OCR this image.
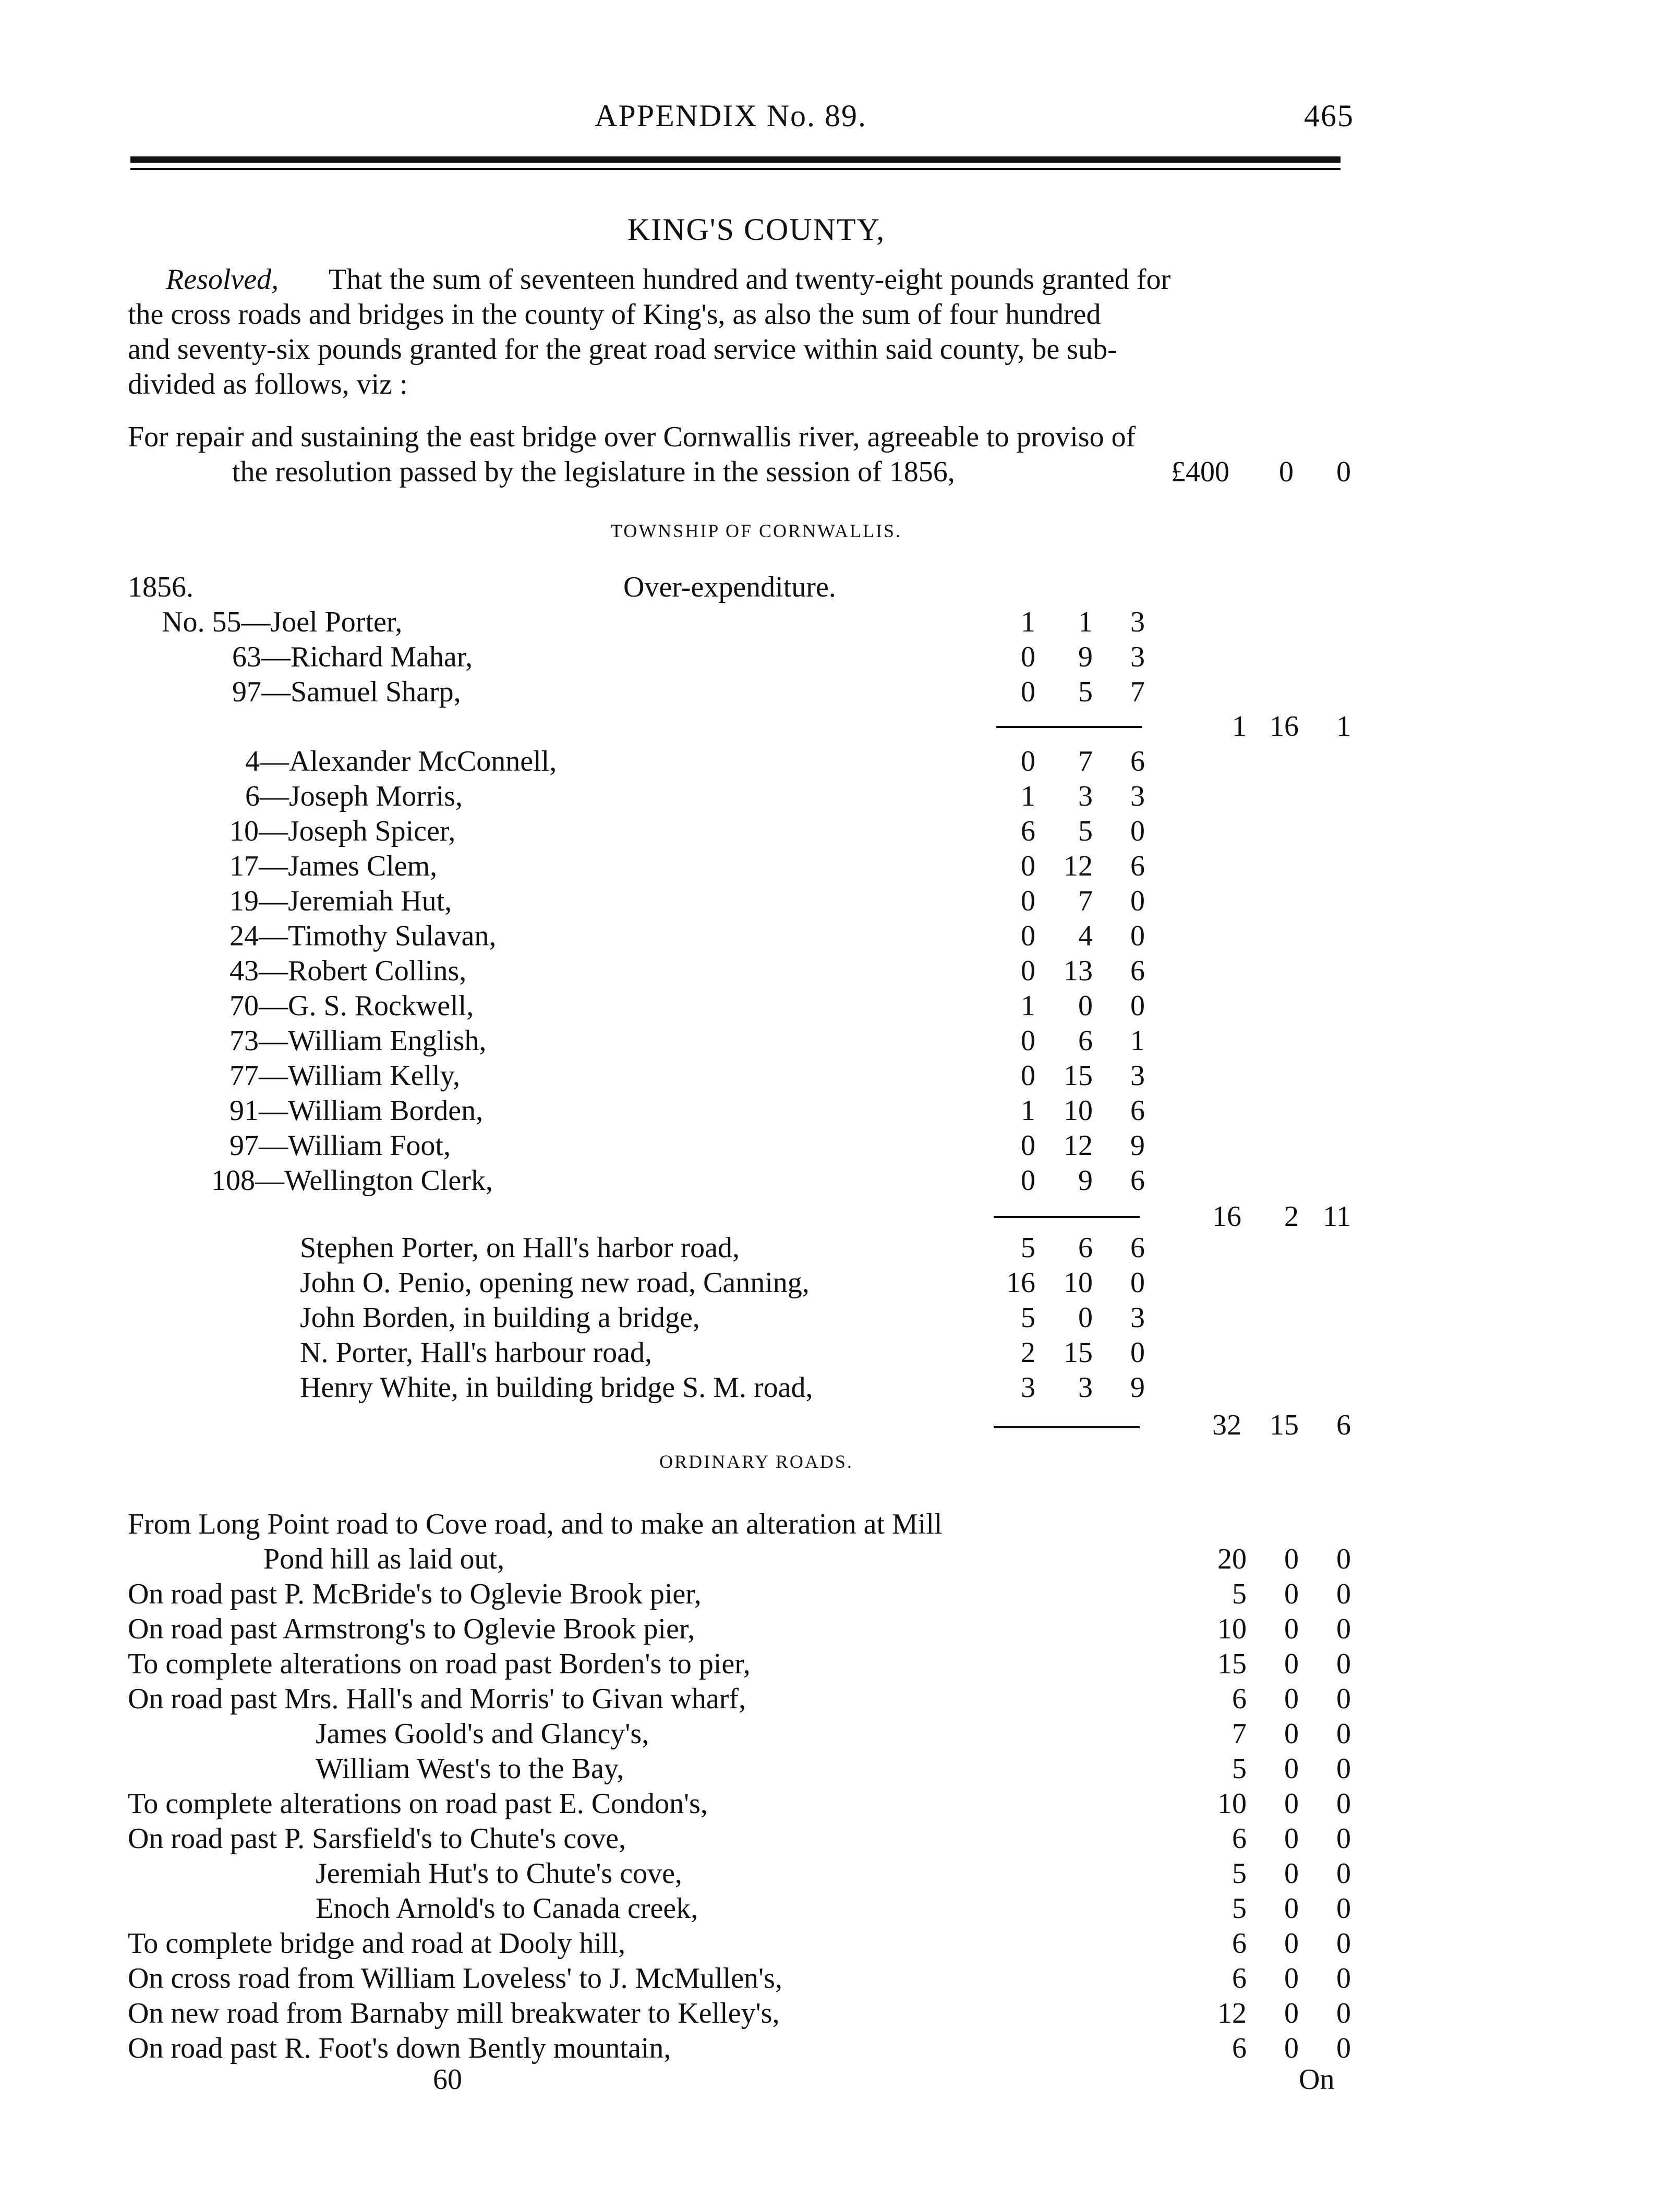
APPENDIX No. 89.	465
KING'S COUNTY,
Resolved, That the sum of seventeen hundred and twenty-eight pounds granted for
the cross roads and bridges in the county of King's, as also the sum of four hundred
and seventy-six pounds granted for the great road service within said county, be sub-
divided as follows, viz :
For repair and sustaining the east bridge over Cornwallis river, agreeable to proviso of
the resolution passed by the legislature in the session of 1856,	£400	0	0
TOWNSHIP OF CORNWALLIS.
1856.	Over-expenditure.
No. 55—Joel Porter,	1	1	3
63—Richard Mahar,	0	9	3
97—Samuel Sharp,	0	5	7
1 16	1
4—Alexander McConnell,	0	7	6
6—Joseph Morris,	1	3	3
10—Joseph Spicer,	6	5	0
17—James Clem,	0 12	6
19—Jeremiah Hut,	0	7	0
24—Timothy Sulavan,	0	4	0
43—Robert Collins,	0 13	6
70—G. S. Rockwell,	1	0	0
73—William English,	0	6	1
77—William Kelly,	0 15	3
91—William Borden,	1 10	6
97—William Foot,	0 12	9
108—Wellington Clerk,	0	9	6
16	2 11
Stephen Porter, on Hall's harbor road,	5	6	6
John O. Penio, opening new road, Canning,	16 10	0
John Borden, in building a bridge,	5	0	3
N. Porter, Hall's harbour road,	2 15	0
Henry White, in building bridge S. M. road,	3	3	9
32 15	6
ORDINARY ROADS.
From Long Point road to Cove road, and to make an alteration at Mill
Pond hill as laid out,	20	0	0
On road past P. McBride's to Oglevie Brook pier,	5	0	0
On road past Armstrong's to Oglevie Brook pier,	10	0	0
To complete alterations on road past Borden's to pier,	15	0	0
On road past Mrs. Hall's and Morris' to Givan wharf,	6	0	0
James Goold's and Glancy's,	7	0	0
William West's to the Bay,	5	0	0
To complete alterations on road past E. Condon's,	10	0	0
On road past P. Sarsfield's to Chute's cove,	6	0	0
Jeremiah Hut's to Chute's cove,	5	0	0
Enoch Arnold's to Canada creek,	5	0	0
To complete bridge and road at Dooly hill,	6	0	0
On cross road from William Loveless' to J. McMullen's,	6	0	0
On new road from Barnaby mill breakwater to Kelley's,	12	0	0
On road past R. Foot's down Bently mountain,	6	0	0
60	On
